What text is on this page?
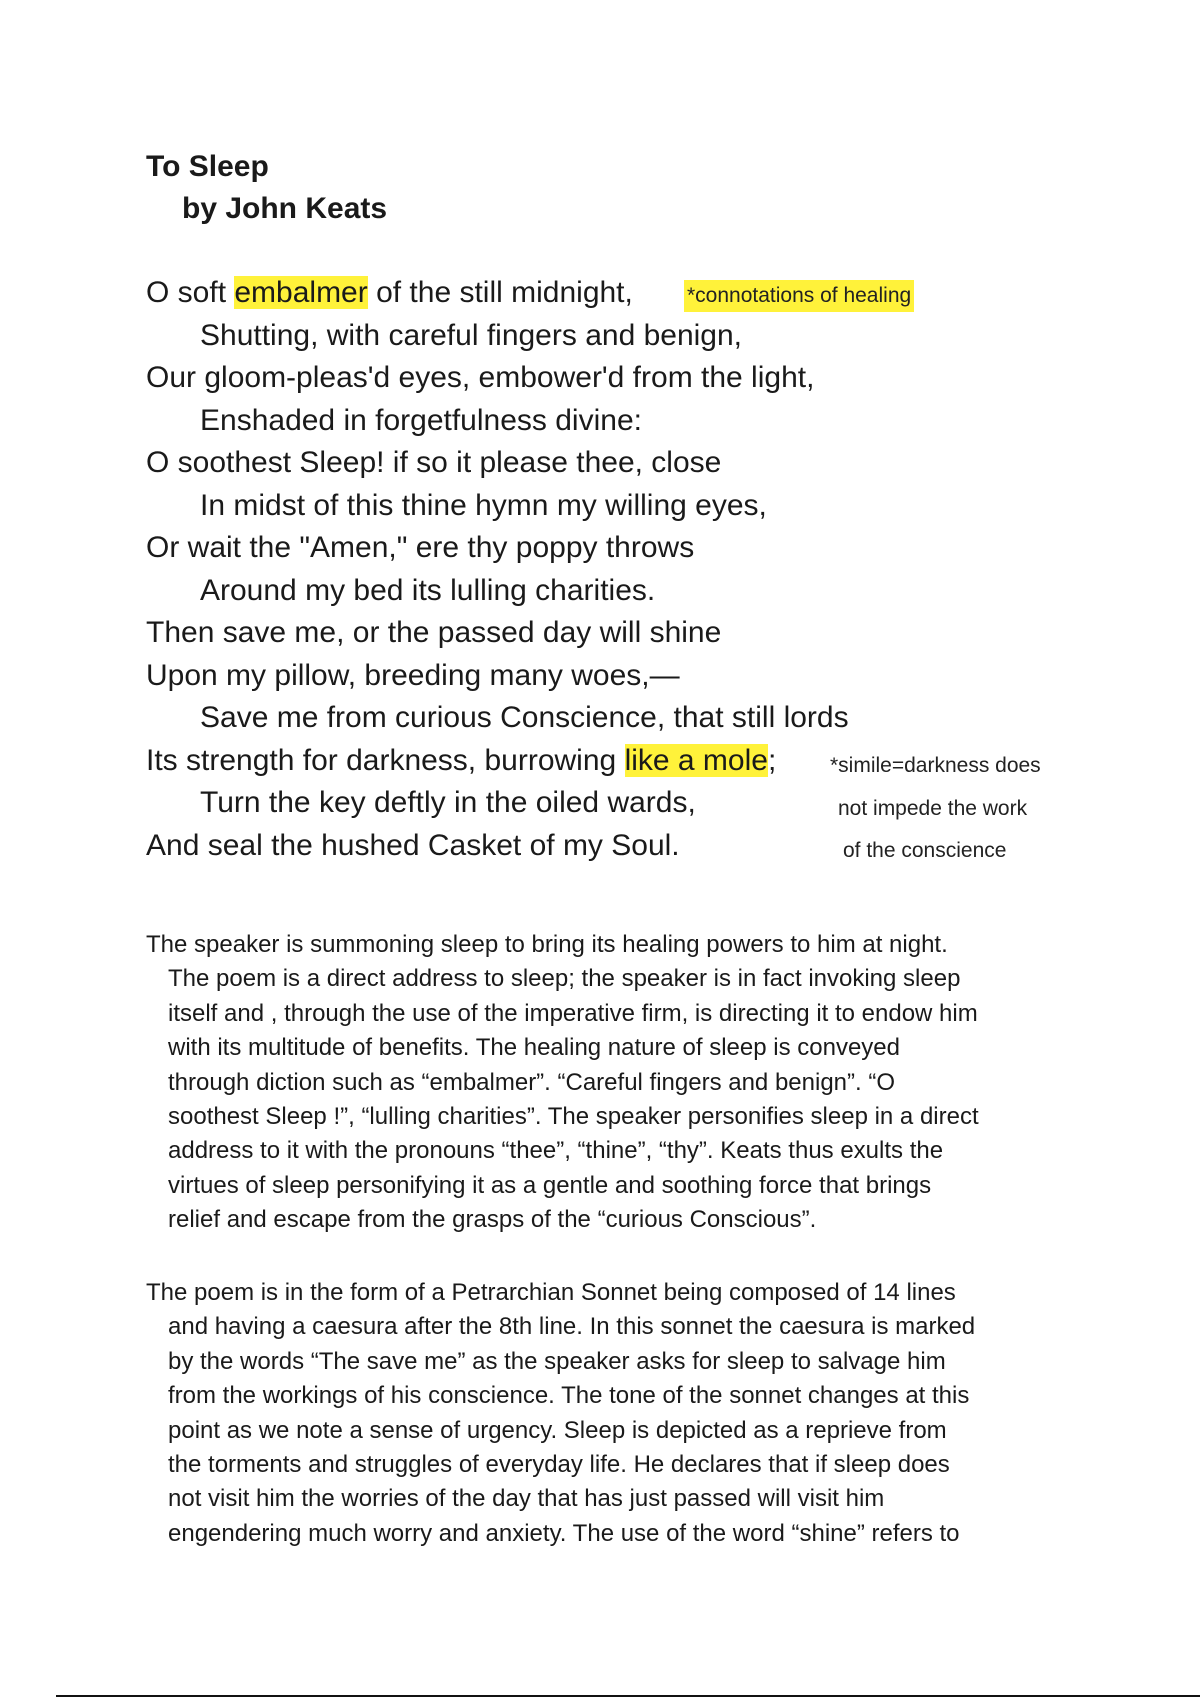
To Sleep
by John Keats
O soft embalmer of the still midnight,
Shutting, with careful fingers and benign,
Our gloom-pleas'd eyes, embower'd from the light,
Enshaded in forgetfulness divine:
O soothest Sleep! if so it please thee, close
In midst of this thine hymn my willing eyes,
Or wait the "Amen," ere thy poppy throws
Around my bed its lulling charities.
Then save me, or the passed day will shine
Upon my pillow, breeding many woes,—
Save me from curious Conscience, that still lords
Its strength for darkness, burrowing like a mole;
Turn the key deftly in the oiled wards,
And seal the hushed Casket of my Soul.
*connotations of healing
*simile=darkness does
not impede the work
of the conscience
The speaker is summoning sleep to bring its healing powers to him at night.
The poem is a direct address to sleep; the speaker is in fact invoking sleep
itself and , through the use of the imperative firm, is directing it to endow him
with its multitude of benefits. The healing nature of sleep is conveyed
through diction such as “embalmer”. “Careful fingers and benign”. “O
soothest Sleep !”, “lulling charities”. The speaker personifies sleep in a direct
address to it with the pronouns “thee”, “thine”, “thy”. Keats thus exults the
virtues of sleep personifying it as a gentle and soothing force that brings
relief and escape from the grasps of the “curious Conscious”.
The poem is in the form of a Petrarchian Sonnet being composed of 14 lines
and having a caesura after the 8th line. In this sonnet the caesura is marked
by the words “The save me” as the speaker asks for sleep to salvage him
from the workings of his conscience. The tone of the sonnet changes at this
point as we note a sense of urgency. Sleep is depicted as a reprieve from
the torments and struggles of everyday life. He declares that if sleep does
not visit him the worries of the day that has just passed will visit him
engendering much worry and anxiety. The use of the word “shine” refers to
